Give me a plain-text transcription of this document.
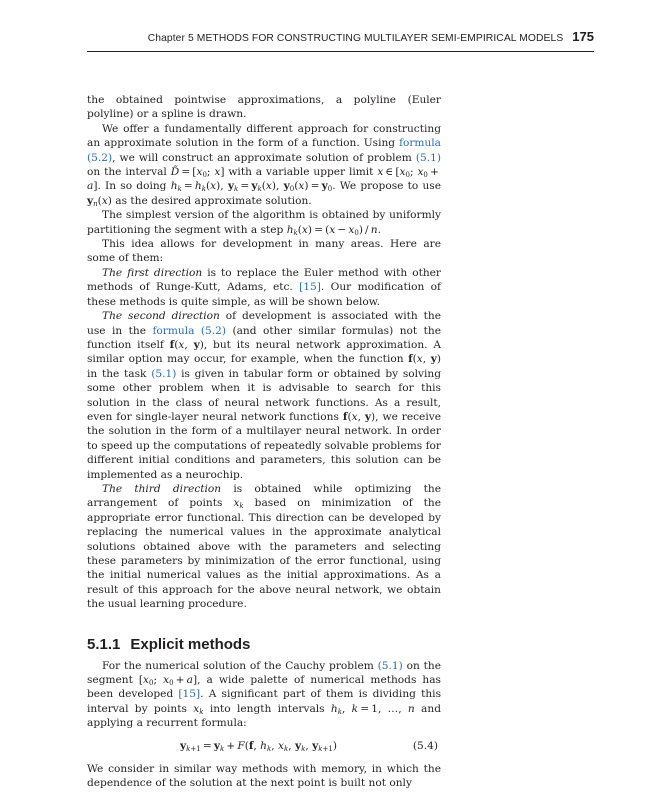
Chapter 5 METHODS FOR CONSTRUCTING MULTILAYER SEMI-EMPIRICAL MODELS 175

the obtained pointwise approximations, a polyline (Euler polyline) or a spline is drawn.

We offer a fundamentally different approach for constructing an approximate solution in the form of a function. Using formula (5.2), we will construct an approximate solution of problem (5.1) on the interval D̃ = [$x_0$; x] with a variable upper limit x ∈ [$x_0$; $x_0 + a$]. In so doing $h_k = h_k(x)$, $y_k = y_k(x)$, $y_0(x) = y_0$. We propose to use $y_n(x)$ as the desired approximate solution.

The simplest version of the algorithm is obtained by uniformly partitioning the segment with a step $h_k(x) = (x - x_0) / n$.

This idea allows for development in many areas. Here are some of them:

The first direction is to replace the Euler method with other methods of Runge-Kutt, Adams, etc. [15]. Our modification of these methods is quite simple, as will be shown below.

The second direction of development is associated with the use in the formula (5.2) (and other similar formulas) not the function itself f(x, y), but its neural network approximation. A similar option may occur, for example, when the function f(x, y) in the task (5.1) is given in tabular form or obtained by solving some other problem when it is advisable to search for this solution in the class of neural network functions. As a result, even for single-layer neural network functions f(x, y), we receive the solution in the form of a multilayer neural network. In order to speed up the computations of repeatedly solvable problems for different initial conditions and parameters, this solution can be implemented as a neurochip.

The third direction is obtained while optimizing the arrangement of points $x_k$ based on minimization of the appropriate error functional. This direction can be developed by replacing the numerical values in the approximate analytical solutions obtained above with the parameters and selecting these parameters by minimization of the error functional, using the initial numerical values as the initial approximations. As a result of this approach for the above neural network, we obtain the usual learning procedure.

5.1.1 Explicit methods

For the numerical solution of the Cauchy problem (5.1) on the segment [$x_0$; $x_0 + a$], a wide palette of numerical methods has been developed [15]. A significant part of them is dividing this interval by points $x_k$ into length intervals $h_k$, k = 1, …, n and applying a recurrent formula:

$y_{k+1} = y_k + F(f$, $h_k$, $x_k$, $y_k$, $y_{k+1}$)	(5.4)

We consider in similar way methods with memory, in which the dependence of the solution at the next point is built not only
